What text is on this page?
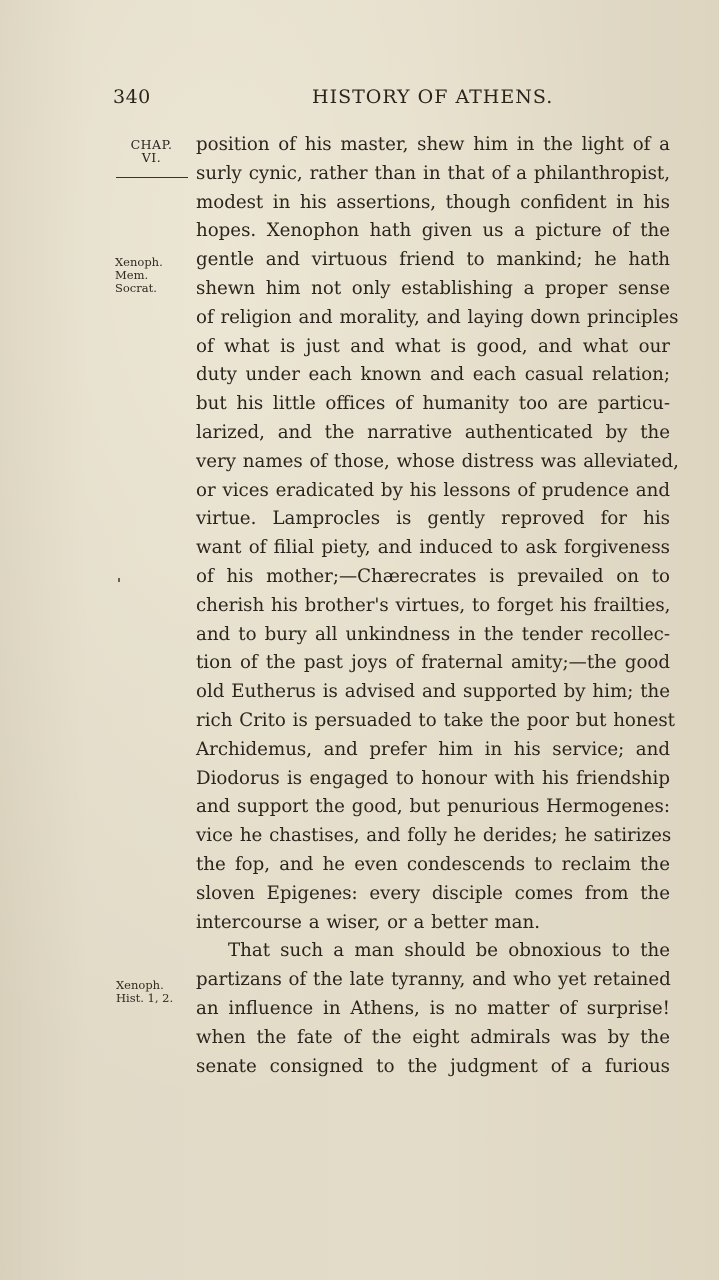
340	HISTORY OF ATHENS.
CHAP.
VI.
Xenoph.
Mem.
Socrat.
Xenoph.
Hist. 1, 2.
position of his master, shew him in the light of a
surly cynic, rather than in that of a philanthropist,
modest in his assertions, though confident in his
hopes. Xenophon hath given us a picture of the
gentle and virtuous friend to mankind; he hath
shewn him not only establishing a proper sense
of religion and morality, and laying down principles
of what is just and what is good, and what our
duty under each known and each casual relation;
but his little offices of humanity too are particu-
larized, and the narrative authenticated by the
very names of those, whose distress was alleviated,
or vices eradicated by his lessons of prudence and
virtue. Lamprocles is gently reproved for his
want of filial piety, and induced to ask forgiveness
of his mother;—Chærecrates is prevailed on to
cherish his brother's virtues, to forget his frailties,
and to bury all unkindness in the tender recollec-
tion of the past joys of fraternal amity;—the good
old Eutherus is advised and supported by him; the
rich Crito is persuaded to take the poor but honest
Archidemus, and prefer him in his service; and
Diodorus is engaged to honour with his friendship
and support the good, but penurious Hermogenes:
vice he chastises, and folly he derides; he satirizes
the fop, and he even condescends to reclaim the
sloven Epigenes: every disciple comes from the
intercourse a wiser, or a better man.
That such a man should be obnoxious to the
partizans of the late tyranny, and who yet retained
an influence in Athens, is no matter of surprise!
when the fate of the eight admirals was by the
senate consigned to the judgment of a furious
